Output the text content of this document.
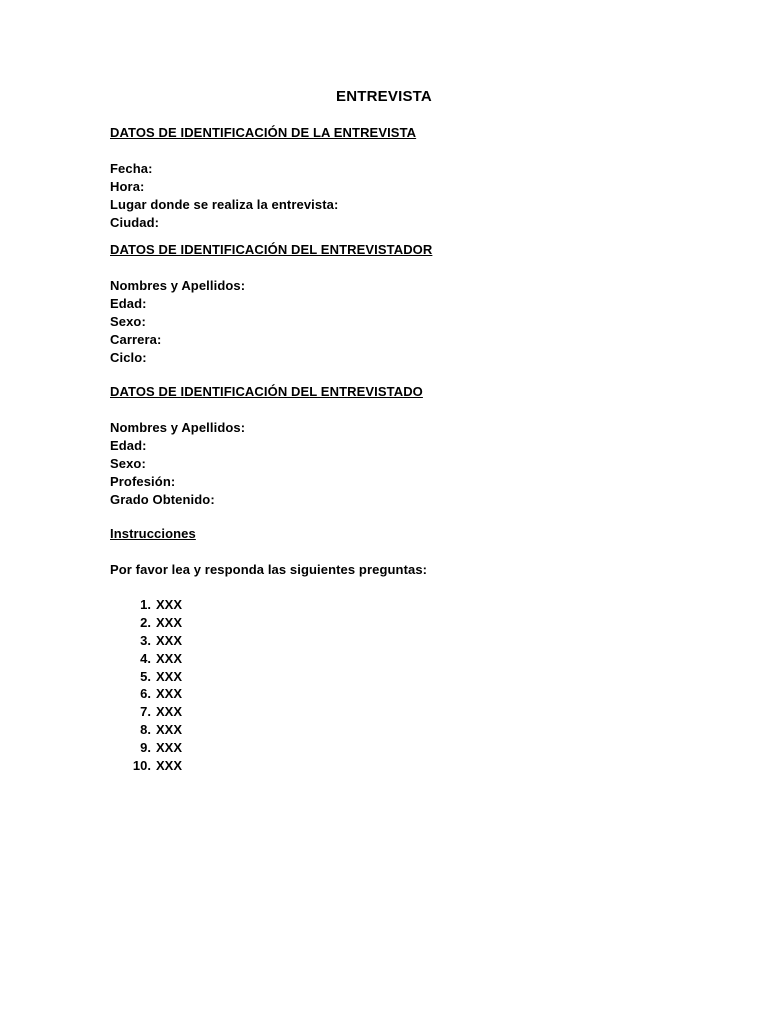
ENTREVISTA
DATOS DE IDENTIFICACIÓN DE LA ENTREVISTA
Fecha:
Hora:
Lugar donde se realiza la entrevista:
Ciudad:
DATOS DE IDENTIFICACIÓN DEL ENTREVISTADOR
Nombres y Apellidos:
Edad:
Sexo:
Carrera:
Ciclo:
DATOS DE IDENTIFICACIÓN DEL ENTREVISTADO
Nombres y Apellidos:
Edad:
Sexo:
Profesión:
Grado Obtenido:
Instrucciones
Por favor lea y responda las siguientes preguntas:
1. XXX
2. XXX
3. XXX
4. XXX
5. XXX
6. XXX
7. XXX
8. XXX
9. XXX
10. XXX
